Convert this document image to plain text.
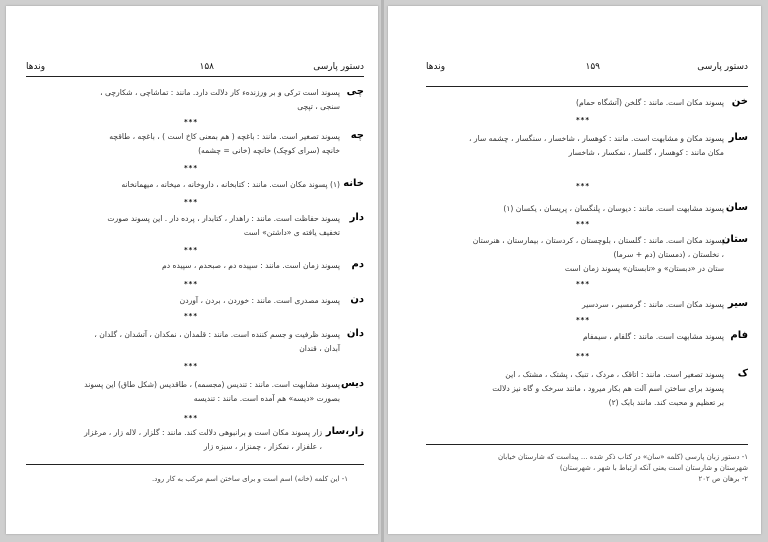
دستور پارسی
۱۵۸
وندها
چی
پسوند است ترکی و بر ورزندهء کار دلالت دارد. مانند : تماشاچی ، شکارچی ،
سنجی ، تپچی
***
چه
پسوند تصغیر است. مانند : باغچه ( هم بمعنی کاخ است ) ، باغچه ، طاقچه
خانچه (سرای کوچک) خانچه (خانی = چشمه)
***
خانه
(۱) پسوند مکان است. مانند : کتابخانه ، داروخانه ، میخانه ، میهمانخانه
***
دار
پسوند حفاظت است. مانند : راهدار ، کتابدار ، پرده دار . این پسوند صورت
تخفیف یافته ی «داشتن» است
***
دم
پسوند زمان است. مانند : سپیده دم ، صبحدم ، سپیده دم
***
دن
پسوند مصدری است. مانند : خوردن ، بردن ، آوردن
***
دان
پسوند ظرفیت و جسم کننده است. مانند : قلمدان ، نمکدان ، آتشدان ، گلدان ،
آبدان ، قندان
***
دیس
پسوند مشابهت است. مانند : تندیس (مجسمه) ، طاقدیس (شکل طاق) این پسوند
بصورت «دیسه» هم آمده است. مانند : تندیسه
***
زار،سار
زار پسوند مکان است و برانبوهی دلالت کند. مانند : گلزار ، لاله زار ، مرغزار
، علفزار ، نمکزار ، چمنزار ، سبزه زار
۱- این کلمه (خانه) اسم است و برای ساختن اسم مرکب به کار رود.
وندها	۱۵۹	دستور پارسی
خن
پسوند مکان است. مانند : گلخن (آتشگاه حمام)
***
سار
پسوند مکان و مشابهت است. مانند : کوهسار ، شاخسار ، سنگسار ، چشمه سار ،
مکان مانند : کوهسار ، گلسار ، نمکسار ، شاخسار
***
سان
پسوند مشابهت است. مانند : دیوسان ، پلنگسان ، پریسان ، یکسان (۱)
***
ستان
پسوند مکان است. مانند : گلستان ، بلوچستان ، کردستان ، بیمارستان ، هنرستان
، نخلستان ، (دمستان (دم + سرما)
ستان در «دبستان» و «تابستان» پسوند زمان است
***
سیر
پسوند مکان است. مانند : گرمسیر ، سردسیر
***
فام
پسوند مشابهت است. مانند : گلفام ، سیمفام
***
ک
پسوند تصغیر است. مانند : اتاقک ، مردک ، تنبک ، پشتک ، مشتک ، این
پسوند برای ساختن اسم آلت هم بکار میرود ، مانند سرخک و گاه نیز دلالت
بر تعظیم و محبت کند. مانند بابک (۲)
۱- دستور زبان پارسی (کلمه «سان» در کتاب ذکر شده ... پیداست که شارستان خیابان
شهرستان و شارستان است یعنی آنکه ارتباط با شهر ، شهرستان)
۲- برهان ص ۲۰۲
